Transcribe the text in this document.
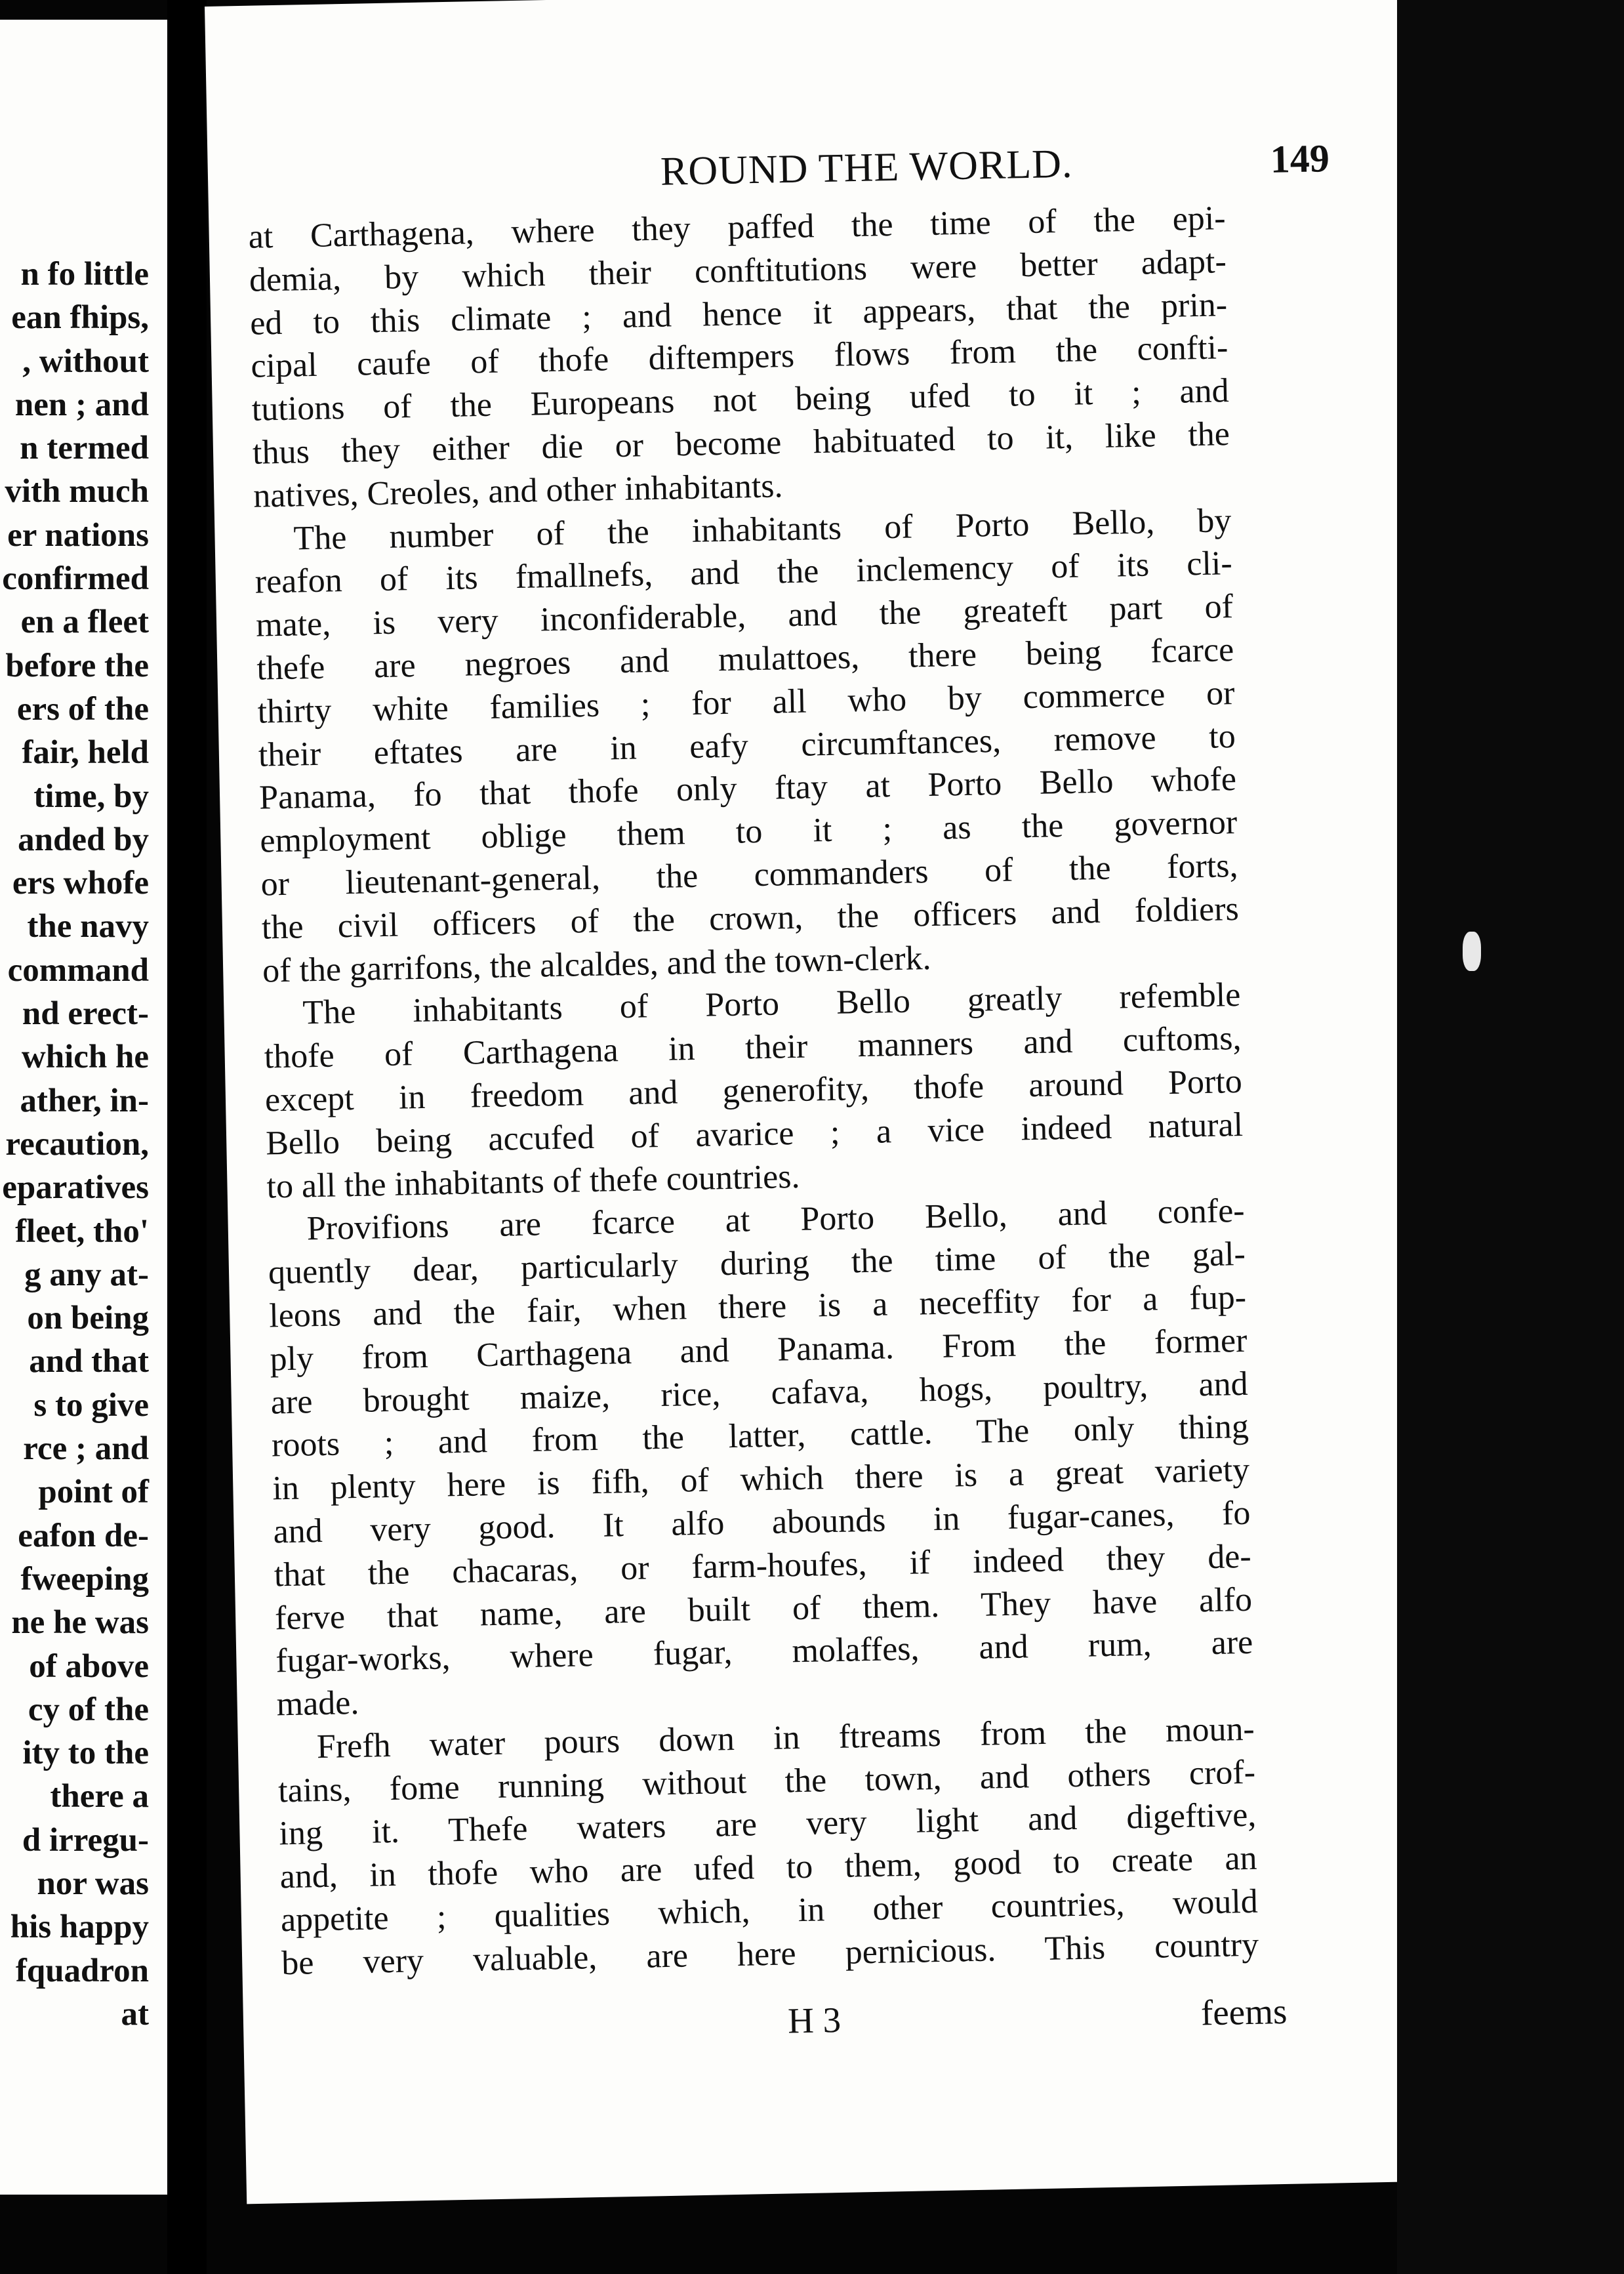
n fo little
ean fhips,
, without
nen ; and
n termed
vith much
er nations
confirmed
en a fleet
before the
ers of the
fair, held
time, by
anded by
ers whofe
the navy
command
nd erect-
which he
ather, in-
recaution,
eparatives
fleet, tho'
g any at-
on being
and that
s to give
rce ; and
point of
eafon de-
fweeping
ne he was
of above
cy of the
ity to the
there a
d irregu-
nor was
his happy
fquadron
at
ROUND THE WORLD.	149
at Carthagena, where they paffed the time of the epi-
demia, by which their conftitutions were better adapt-
ed to this climate ; and hence it appears, that the prin-
cipal caufe of thofe diftempers flows from the confti-
tutions of the Europeans not being ufed to it ; and
thus they either die or become habituated to it, like the
natives, Creoles, and other inhabitants.
The number of the inhabitants of Porto Bello, by
reafon of its fmallnefs, and the inclemency of its cli-
mate, is very inconfiderable, and the greateft part of
thefe are negroes and mulattoes, there being fcarce
thirty white families ; for all who by commerce or
their eftates are in eafy circumftances, remove to
Panama, fo that thofe only ftay at Porto Bello whofe
employment oblige them to it ; as the governor
or lieutenant-general, the commanders of the forts,
the civil officers of the crown, the officers and foldiers
of the garrifons, the alcaldes, and the town-clerk.
The inhabitants of Porto Bello greatly refemble
thofe of Carthagena in their manners and cuftoms,
except in freedom and generofity, thofe around Porto
Bello being accufed of avarice ; a vice indeed natural
to all the inhabitants of thefe countries.
Provifions are fcarce at Porto Bello, and confe-
quently dear, particularly during the time of the gal-
leons and the fair, when there is a neceffity for a fup-
ply from Carthagena and Panama. From the former
are brought maize, rice, cafava, hogs, poultry, and
roots ; and from the latter, cattle. The only thing
in plenty here is fifh, of which there is a great variety
and very good. It alfo abounds in fugar-canes, fo
that the chacaras, or farm-houfes, if indeed they de-
ferve that name, are built of them. They have alfo
fugar-works, where fugar, molaffes, and rum, are
made.
Frefh water pours down in ftreams from the moun-
tains, fome running without the town, and others crof-
ing it. Thefe waters are very light and digeftive,
and, in thofe who are ufed to them, good to create an
appetite ; qualities which, in other countries, would
be very valuable, are here pernicious. This country
H 3	feems
